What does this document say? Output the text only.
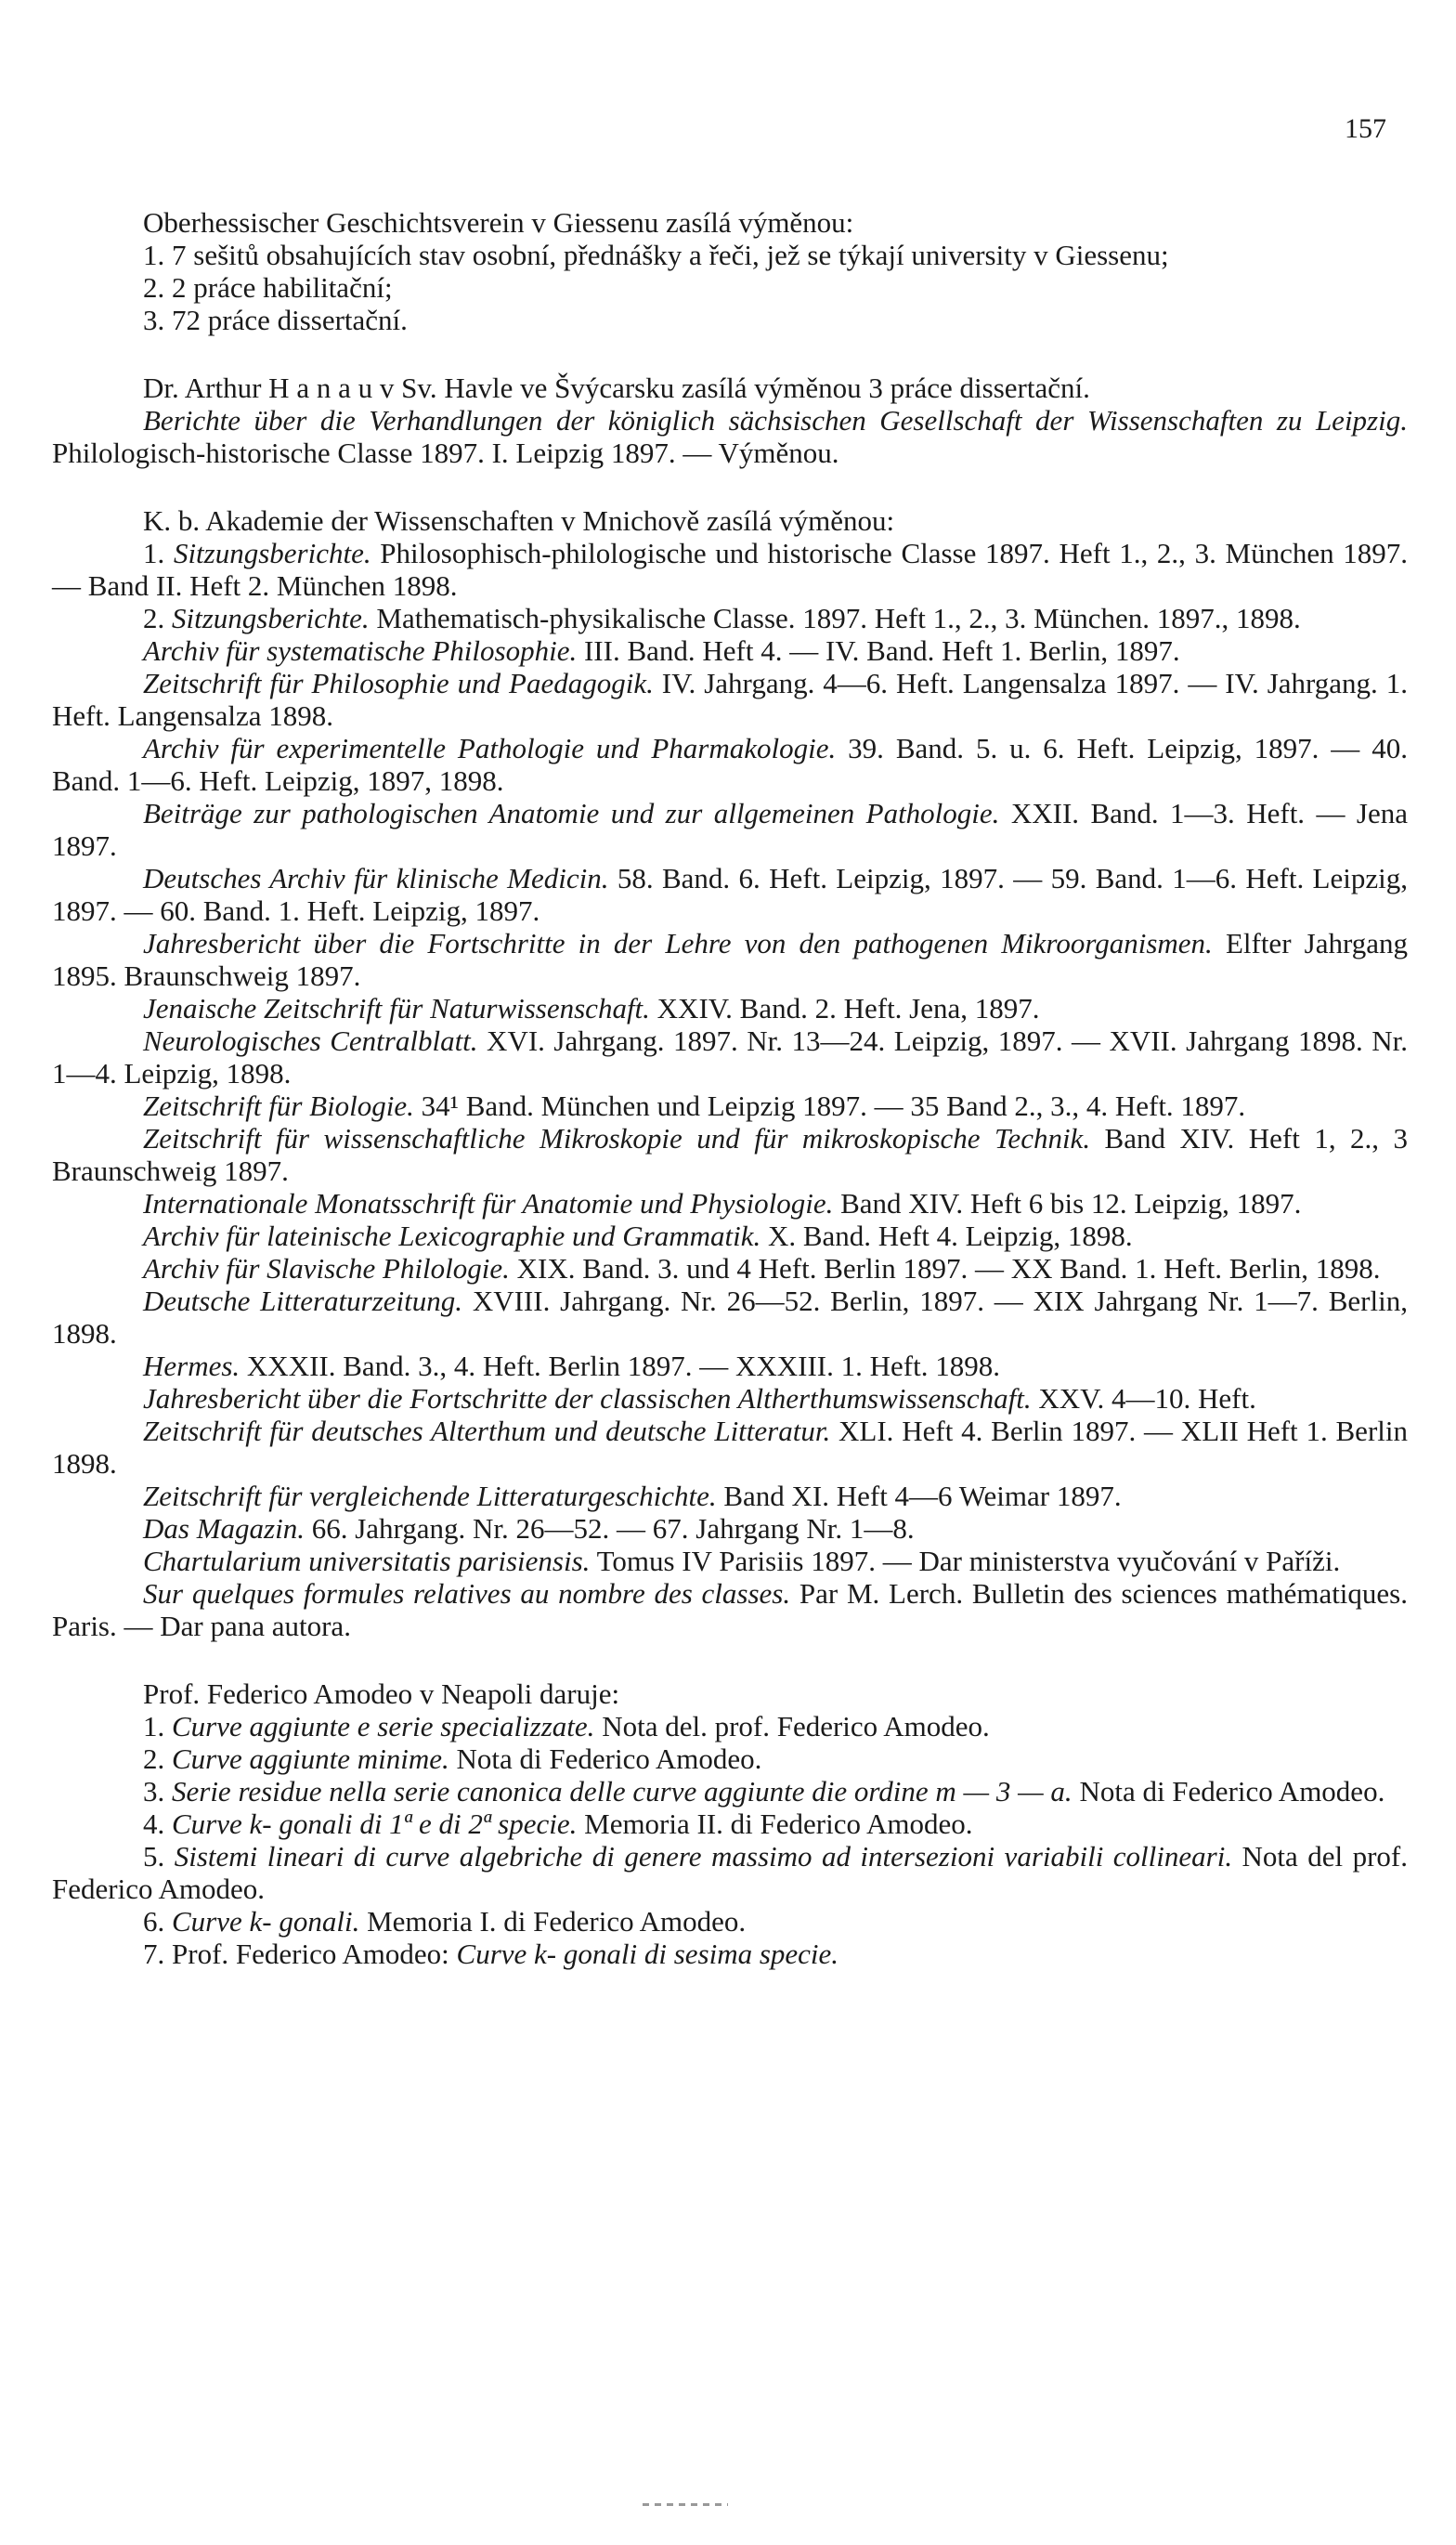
157

Oberhessischer Geschichtsverein v Giessenu zasílá výměnou:

1. 7 sešitů obsahujících stav osobní, přednášky a řeči, jež se týkají university v Giessenu;

2. 2 práce habilitační;

3. 72 práce dissertační.

Dr. Arthur H a n a u v Sv. Havle ve Švýcarsku zasílá výměnou 3 práce dissertační.

Berichte über die Verhandlungen der königlich sächsischen Gesellschaft der Wissenschaften zu Leipzig. Philologisch-historische Classe 1897. I. Leipzig 1897. — Výměnou.

K. b. Akademie der Wissenschaften v Mnichově zasílá výměnou:

1. Sitzungsberichte. Philosophisch-philologische und historische Classe 1897. Heft 1., 2., 3. München 1897. — Band II. Heft 2. München 1898.

2. Sitzungsberichte. Mathematisch-physikalische Classe. 1897. Heft 1., 2., 3. München. 1897., 1898.

Archiv für systematische Philosophie. III. Band. Heft 4. — IV. Band. Heft 1. Berlin, 1897.

Zeitschrift für Philosophie und Paedagogik. IV. Jahrgang. 4—6. Heft. Langensalza 1897. — IV. Jahrgang. 1. Heft. Langensalza 1898.

Archiv für experimentelle Pathologie und Pharmakologie. 39. Band. 5. u. 6. Heft. Leipzig, 1897. — 40. Band. 1—6. Heft. Leipzig, 1897, 1898.

Beiträge zur pathologischen Anatomie und zur allgemeinen Pathologie. XXII. Band. 1—3. Heft. — Jena 1897.

Deutsches Archiv für klinische Medicin. 58. Band. 6. Heft. Leipzig, 1897. — 59. Band. 1—6. Heft. Leipzig, 1897. — 60. Band. 1. Heft. Leipzig, 1897.

Jahresbericht über die Fortschritte in der Lehre von den pathogenen Mikroorganismen. Elfter Jahrgang 1895. Braunschweig 1897.

Jenaische Zeitschrift für Naturwissenschaft. XXIV. Band. 2. Heft. Jena, 1897.

Neurologisches Centralblatt. XVI. Jahrgang. 1897. Nr. 13—24. Leipzig, 1897. — XVII. Jahrgang 1898. Nr. 1—4. Leipzig, 1898.

Zeitschrift für Biologie. 34¹ Band. München und Leipzig 1897. — 35 Band 2., 3., 4. Heft. 1897.

Zeitschrift für wissenschaftliche Mikroskopie und für mikroskopische Technik. Band XIV. Heft 1, 2., 3 Braunschweig 1897.

Internationale Monatsschrift für Anatomie und Physiologie. Band XIV. Heft 6 bis 12. Leipzig, 1897.

Archiv für lateinische Lexicographie und Grammatik. X. Band. Heft 4. Leipzig, 1898.

Archiv für Slavische Philologie. XIX. Band. 3. und 4 Heft. Berlin 1897. — XX Band. 1. Heft. Berlin, 1898.

Deutsche Litteraturzeitung. XVIII. Jahrgang. Nr. 26—52. Berlin, 1897. — XIX Jahrgang Nr. 1—7. Berlin, 1898.

Hermes. XXXII. Band. 3., 4. Heft. Berlin 1897. — XXXIII. 1. Heft. 1898.

Jahresbericht über die Fortschritte der classischen Altherthumswissenschaft. XXV. 4—10. Heft.

Zeitschrift für deutsches Alterthum und deutsche Litteratur. XLI. Heft 4. Berlin 1897. — XLII Heft 1. Berlin 1898.

Zeitschrift für vergleichende Litteraturgeschichte. Band XI. Heft 4—6 Weimar 1897.

Das Magazin. 66. Jahrgang. Nr. 26—52. — 67. Jahrgang Nr. 1—8.

Chartularium universitatis parisiensis. Tomus IV Parisiis 1897. — Dar ministerstva vyučování v Paříži.

Sur quelques formules relatives au nombre des classes. Par M. Lerch. Bulletin des sciences mathématiques. Paris. — Dar pana autora.

Prof. Federico Amodeo v Neapoli daruje:

1. Curve aggiunte e serie specializzate. Nota del. prof. Federico Amodeo.

2. Curve aggiunte minime. Nota di Federico Amodeo.

3. Serie residue nella serie canonica delle curve aggiunte die ordine m — 3 — a. Nota di Federico Amodeo.

4. Curve k- gonali di 1ª e di 2ª specie. Memoria II. di Federico Amodeo.

5. Sistemi lineari di curve algebriche di genere massimo ad intersezioni variabili collineari. Nota del prof. Federico Amodeo.

6. Curve k- gonali. Memoria I. di Federico Amodeo.

7. Prof. Federico Amodeo: Curve k- gonali di sesima specie.
